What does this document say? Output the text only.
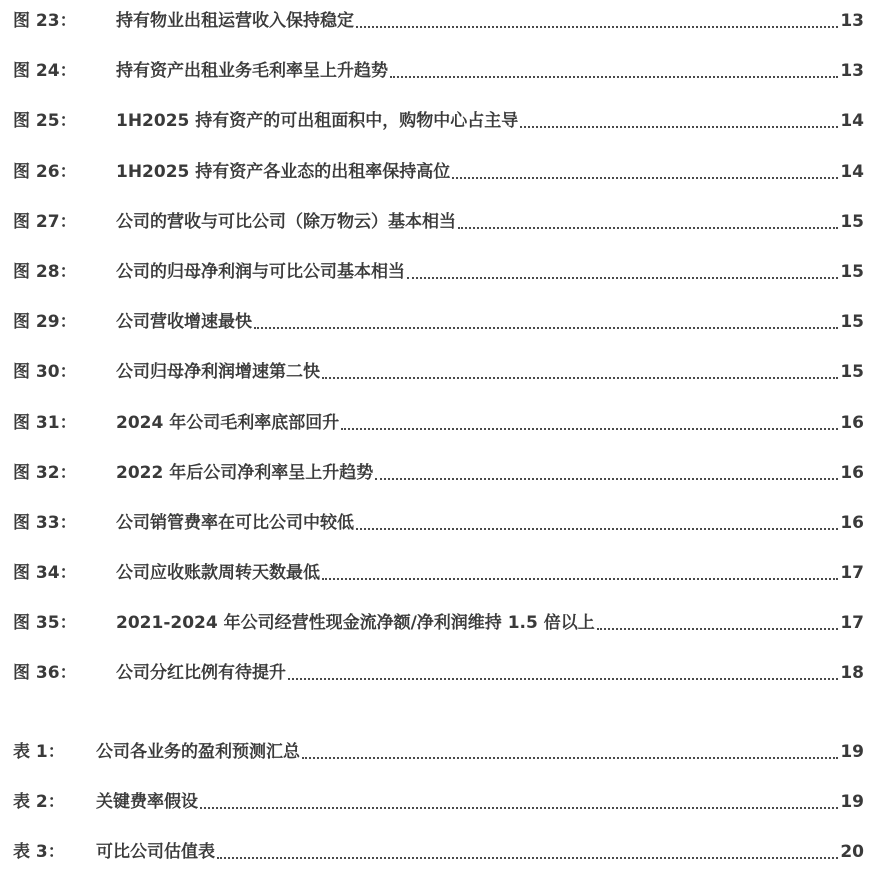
图 23：	持有物业出租运营收入保持稳定	13
图 24：	持有资产出租业务毛利率呈上升趋势	13
图 25：	1H2025 持有资产的可出租面积中，购物中心占主导	14
图 26：	1H2025 持有资产各业态的出租率保持高位	14
图 27：	公司的营收与可比公司（除万物云）基本相当	15
图 28：	公司的归母净利润与可比公司基本相当	15
图 29：	公司营收增速最快	15
图 30：	公司归母净利润增速第二快	15
图 31：	2024 年公司毛利率底部回升	16
图 32：	2022 年后公司净利率呈上升趋势	16
图 33：	公司销管费率在可比公司中较低	16
图 34：	公司应收账款周转天数最低	17
图 35：	2021-2024 年公司经营性现金流净额/净利润维持 1.5 倍以上	17
图 36：	公司分红比例有待提升	18
表 1：	公司各业务的盈利预测汇总	19
表 2：	关键费率假设	19
表 3：	可比公司估值表	20
